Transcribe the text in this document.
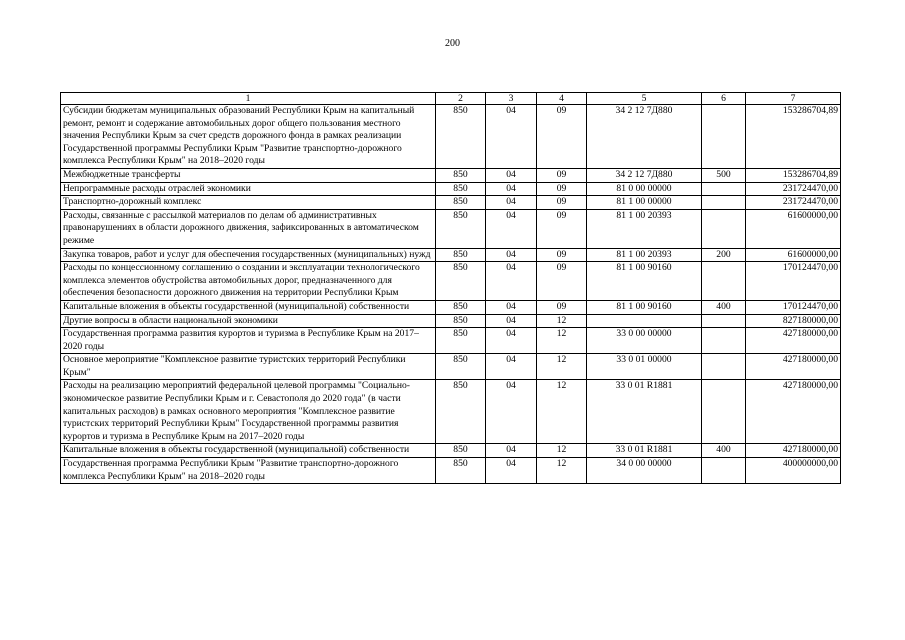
200
1	2	3	4	5	6	7
Субсидии бюджетам муниципальных образований Республики Крым на капитальный ремонт, ремонт и содержание автомобильных дорог общего пользования местного значения Республики Крым за счет средств дорожного фонда в рамках реализации Государственной программы Республики Крым "Развитие транспортно-дорожного комплекса Республики Крым" на 2018–2020 годы	850	04	09	34 2 12 7Д880		153286704,89
Межбюджетные трансферты	850	04	09	34 2 12 7Д880	500	153286704,89
Непрограммные расходы отраслей экономики	850	04	09	81 0 00 00000		231724470,00
Транспортно-дорожный комплекс	850	04	09	81 1 00 00000		231724470,00
Расходы, связанные с рассылкой материалов по делам об административных правонарушениях в области дорожного движения, зафиксированных в автоматическом режиме	850	04	09	81 1 00 20393		61600000,00
Закупка товаров, работ и услуг для обеспечения государственных (муниципальных) нужд	850	04	09	81 1 00 20393	200	61600000,00
Расходы по концессионному соглашению о создании и эксплуатации технологического комплекса элементов обустройства автомобильных дорог, предназначенного для обеспечения безопасности дорожного движения на территории Республики Крым	850	04	09	81 1 00 90160		170124470,00
Капитальные вложения в объекты государственной (муниципальной) собственности	850	04	09	81 1 00 90160	400	170124470,00
Другие вопросы в области национальной экономики	850	04	12			827180000,00
Государственная программа развития курортов и туризма в Республике Крым на 2017–2020 годы	850	04	12	33 0 00 00000		427180000,00
Основное мероприятие "Комплексное развитие туристских территорий Республики Крым"	850	04	12	33 0 01 00000		427180000,00
Расходы на реализацию мероприятий федеральной целевой программы "Социально-экономическое развитие Республики Крым и г. Севастополя до 2020 года" (в части капитальных расходов) в рамках основного мероприятия "Комплексное развитие туристских территорий Республики Крым" Государственной программы развития курортов и туризма в Республике Крым на 2017–2020 годы	850	04	12	33 0 01 R1881		427180000,00
Капитальные вложения в объекты государственной (муниципальной) собственности	850	04	12	33 0 01 R1881	400	427180000,00
Государственная программа Республики Крым "Развитие транспортно-дорожного комплекса Республики Крым" на 2018–2020 годы	850	04	12	34 0 00 00000		400000000,00
